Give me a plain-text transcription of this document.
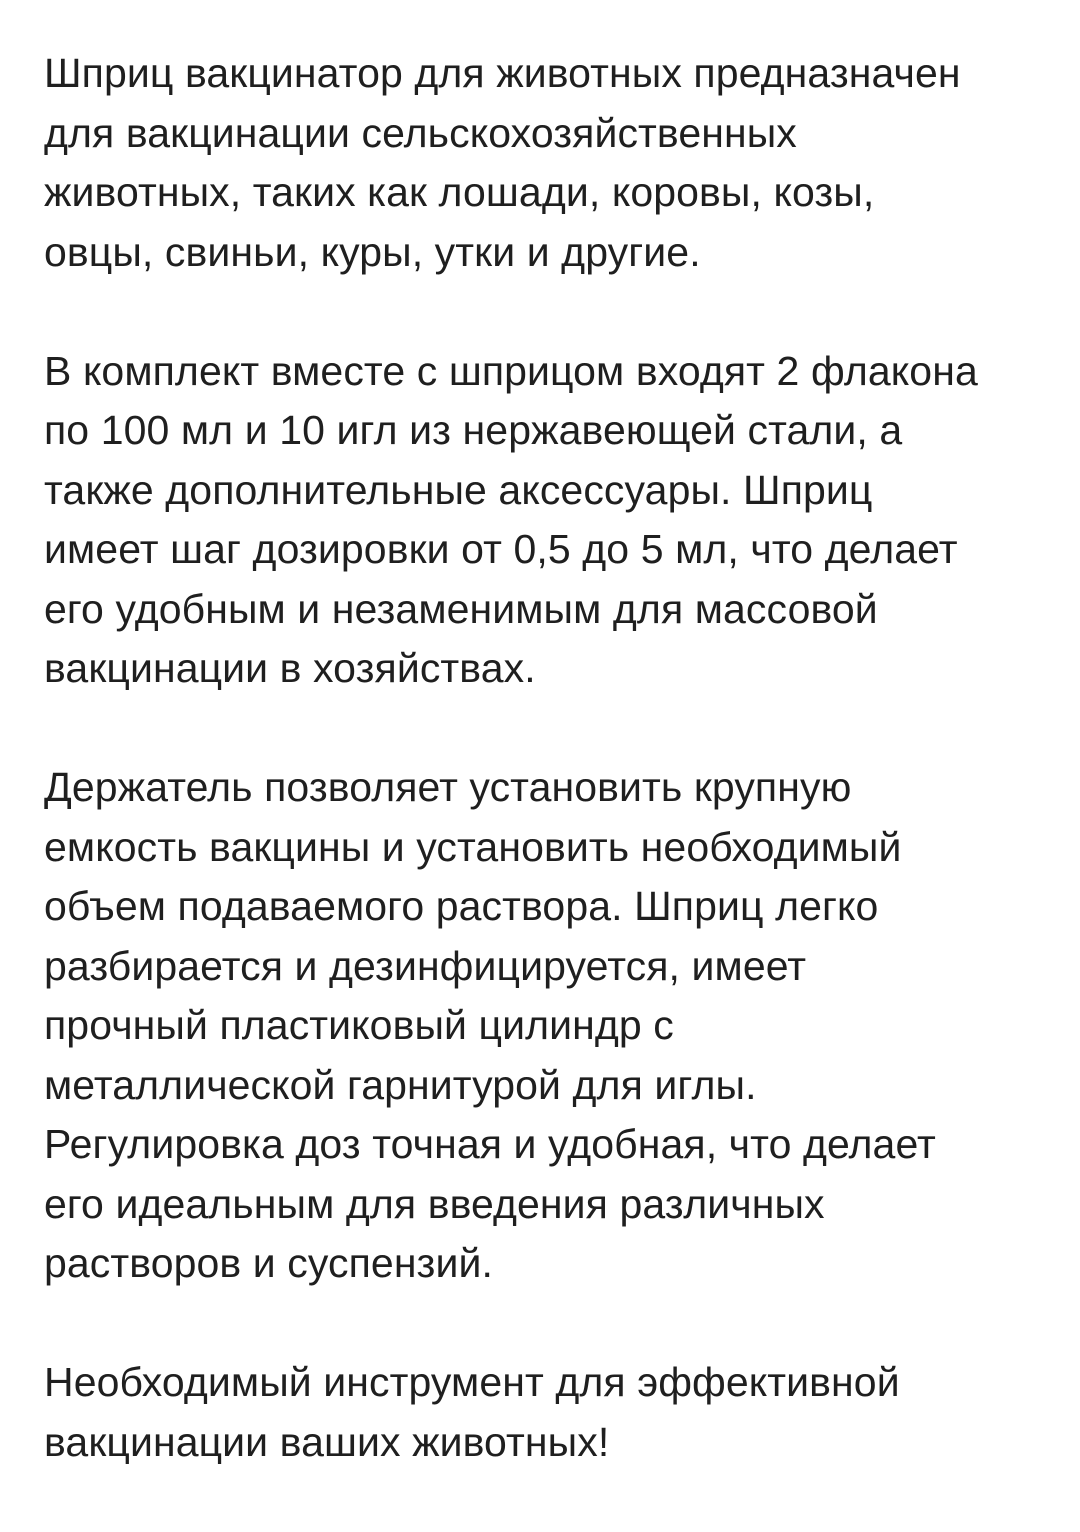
Шприц вакцинатор для животных предназначен
для вакцинации сельскохозяйственных
животных, таких как лошади, коровы, козы,
овцы, свиньи, куры, утки и другие.

В комплект вместе с шприцом входят 2 флакона
по 100 мл и 10 игл из нержавеющей стали, а
также дополнительные аксессуары. Шприц
имеет шаг дозировки от 0,5 до 5 мл, что делает
его удобным и незаменимым для массовой
вакцинации в хозяйствах.

Держатель позволяет установить крупную
емкость вакцины и установить необходимый
объем подаваемого раствора. Шприц легко
разбирается и дезинфицируется, имеет
прочный пластиковый цилиндр с
металлической гарнитурой для иглы.
Регулировка доз точная и удобная, что делает
его идеальным для введения различных
растворов и суспензий.

Необходимый инструмент для эффективной
вакцинации ваших животных!
